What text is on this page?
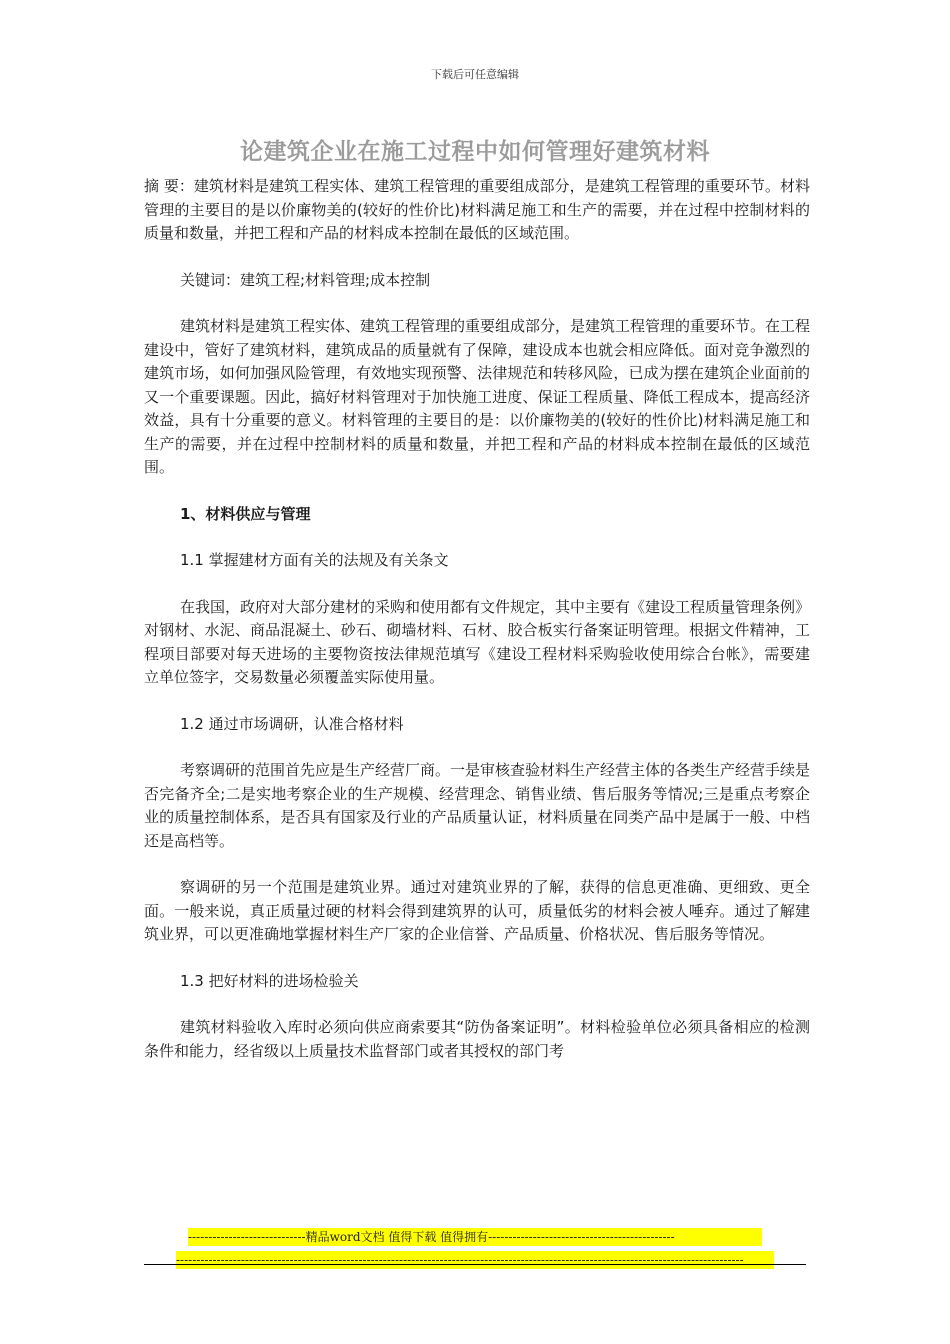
下载后可任意编辑
论建筑企业在施工过程中如何管理好建筑材料

摘 要：建筑材料是建筑工程实体、建筑工程管理的重要组成部分，是建筑工程管理的重要环节。材料管理的主要目的是以价廉物美的(较好的性价比)材料满足施工和生产的需要，并在过程中控制材料的质量和数量，并把工程和产品的材料成本控制在最低的区域范围。

关键词：建筑工程;材料管理;成本控制

建筑材料是建筑工程实体、建筑工程管理的重要组成部分，是建筑工程管理的重要环节。在工程建设中，管好了建筑材料，建筑成品的质量就有了保障，建设成本也就会相应降低。面对竞争激烈的建筑市场，如何加强风险管理，有效地实现预警、法律规范和转移风险，已成为摆在建筑企业面前的又一个重要课题。因此，搞好材料管理对于加快施工进度、保证工程质量、降低工程成本，提高经济效益，具有十分重要的意义。材料管理的主要目的是：以价廉物美的(较好的性价比)材料满足施工和生产的需要，并在过程中控制材料的质量和数量，并把工程和产品的材料成本控制在最低的区域范围。

1、材料供应与管理

1.1 掌握建材方面有关的法规及有关条文

在我国，政府对大部分建材的采购和使用都有文件规定，其中主要有《建设工程质量管理条例》对钢材、水泥、商品混凝土、砂石、砌墙材料、石材、胶合板实行备案证明管理。根据文件精神，工程项目部要对每天进场的主要物资按法律规范填写《建设工程材料采购验收使用综合台帐》，需要建立单位签字，交易数量必须覆盖实际使用量。

1.2 通过市场调研，认准合格材料

考察调研的范围首先应是生产经营厂商。一是审核查验材料生产经营主体的各类生产经营手续是否完备齐全;二是实地考察企业的生产规模、经营理念、销售业绩、售后服务等情况;三是重点考察企业的质量控制体系，是否具有国家及行业的产品质量认证，材料质量在同类产品中是属于一般、中档还是高档等。

察调研的另一个范围是建筑业界。通过对建筑业界的了解，获得的信息更准确、更细致、更全面。一般来说，真正质量过硬的材料会得到建筑界的认可，质量低劣的材料会被人唾弃。通过了解建筑业界，可以更准确地掌握材料生产厂家的企业信誉、产品质量、价格状况、售后服务等情况。

1.3 把好材料的进场检验关

建筑材料验收入库时必须向供应商索要其“防伪备案证明”。材料检验单位必须具备相应的检测条件和能力，经省级以上质量技术监督部门或者其授权的部门考

-----------------------------精品word文档 值得下载 值得拥有----------------------------------------------
--------------------------------------------------------------------------------------------------------------------------------------------
